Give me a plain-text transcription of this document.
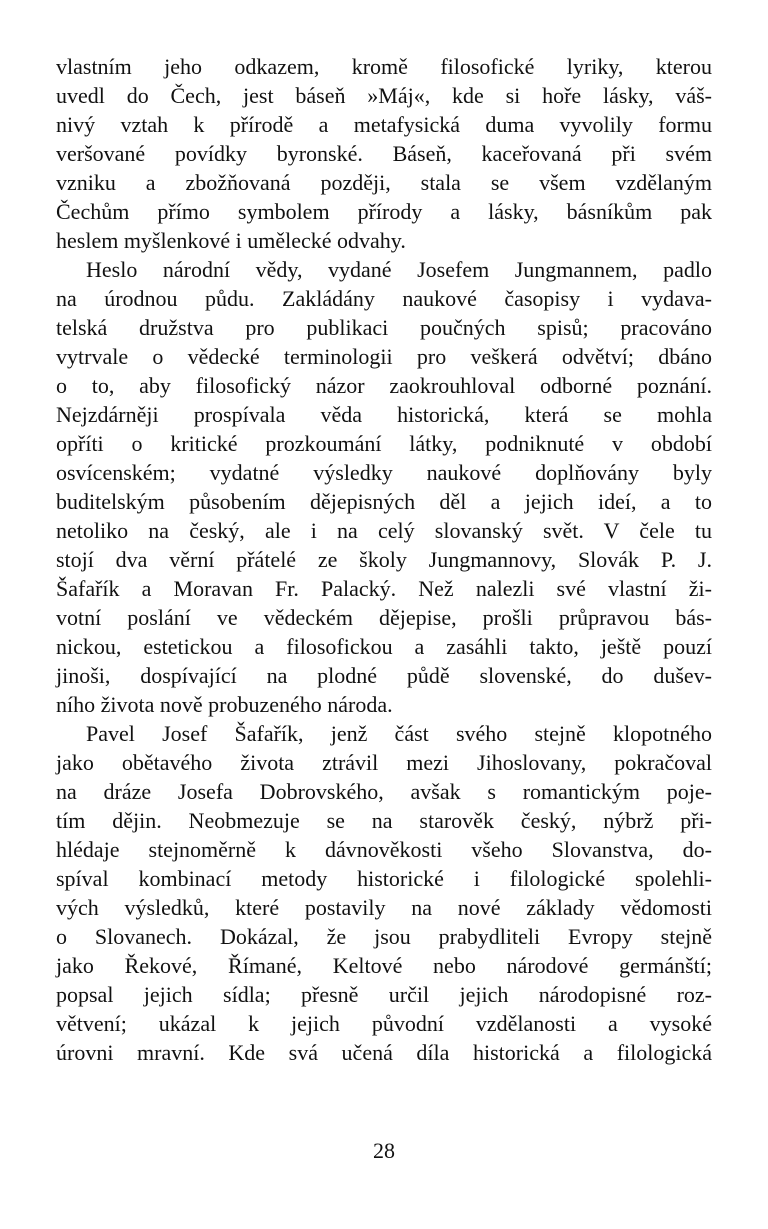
vlastním jeho odkazem, kromě filosofické lyriky, kterou
uvedl do Čech, jest báseň »Máj«, kde si hoře lásky, váš-
nivý vztah k přírodě a metafysická duma vyvolily formu
veršované povídky byronské. Báseň, kaceřovaná při svém
vzniku a zbožňovaná později, stala se všem vzdělaným
Čechům přímo symbolem přírody a lásky, básníkům pak
heslem myšlenkové i umělecké odvahy.
Heslo národní vědy, vydané Josefem Jungmannem, padlo
na úrodnou půdu. Zakládány naukové časopisy i vydava-
telská družstva pro publikaci poučných spisů; pracováno
vytrvale o vědecké terminologii pro veškerá odvětví; dbáno
o to, aby filosofický názor zaokrouhloval odborné poznání.
Nejzdárněji prospívala věda historická, která se mohla
opříti o kritické prozkoumání látky, podniknuté v období
osvícenském; vydatné výsledky naukové doplňovány byly
buditelským působením dějepisných děl a jejich ideí, a to
netoliko na český, ale i na celý slovanský svět. V čele tu
stojí dva věrní přátelé ze školy Jungmannovy, Slovák P. J.
Šafařík a Moravan Fr. Palacký. Než nalezli své vlastní ži-
votní poslání ve vědeckém dějepise, prošli průpravou bás-
nickou, estetickou a filosofickou a zasáhli takto, ještě pouzí
jinoši, dospívající na plodné půdě slovenské, do dušev-
ního života nově probuzeného národa.
Pavel Josef Šafařík, jenž část svého stejně klopotného
jako obětavého života ztrávil mezi Jihoslovany, pokračoval
na dráze Josefa Dobrovského, avšak s romantickým poje-
tím dějin. Neobmezuje se na starověk český, nýbrž při-
hlédaje stejnoměrně k dávnověkosti všeho Slovanstva, do-
spíval kombinací metody historické i filologické spolehli-
vých výsledků, které postavily na nové základy vědomosti
o Slovanech. Dokázal, že jsou prabydliteli Evropy stejně
jako Řekové, Římané, Keltové nebo národové germánští;
popsal jejich sídla; přesně určil jejich národopisné roz-
větvení; ukázal k jejich původní vzdělanosti a vysoké
úrovni mravní. Kde svá učená díla historická a filologická
28
